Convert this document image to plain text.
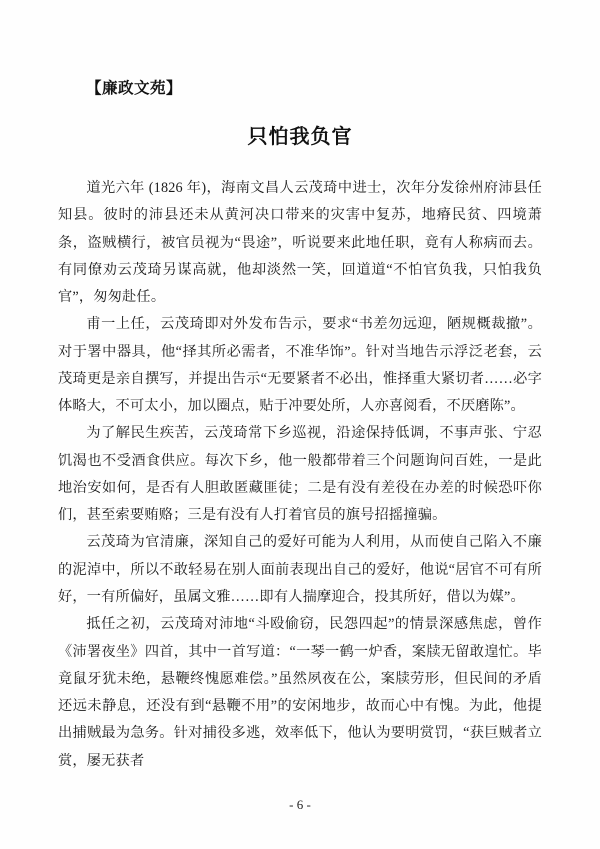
【廉政文苑】
只怕我负官

道光六年 (1826 年)，海南文昌人云茂琦中进士，次年分发徐州府沛县任知县。彼时的沛县还未从黄河决口带来的灾害中复苏，地瘠民贫、四境萧条，盗贼横行，被官员视为“畏途”，听说要来此地任职，竟有人称病而去。有同僚劝云茂琦另谋高就，他却淡然一笑，回道道“不怕官负我，只怕我负官”，匆匆赴任。

甫一上任，云茂琦即对外发布告示，要求“书差勿远迎，陋规概裁撤”。对于署中器具，他“择其所必需者，不准华饰”。针对当地告示浮泛老套，云茂琦更是亲自撰写，并提出告示“无要紧者不必出，惟择重大紧切者……必字体略大，不可太小，加以圈点，贴于冲要处所，人亦喜阅看，不厌磨陈”。

为了解民生疾苦，云茂琦常下乡巡视，沿途保持低调，不事声张、宁忍饥渴也不受酒食供应。每次下乡，他一般都带着三个问题询问百姓，一是此地治安如何，是否有人胆敢匿藏匪徒；二是有没有差役在办差的时候恐吓你们，甚至索要贿赂；三是有没有人打着官员的旗号招摇撞骗。

云茂琦为官清廉，深知自己的爱好可能为人利用，从而使自己陷入不廉的泥淖中，所以不敢轻易在别人面前表现出自己的爱好，他说“居官不可有所好，一有所偏好，虽属文雅……即有人揣摩迎合，投其所好，借以为媒”。

抵任之初，云茂琦对沛地“斗殴偷窃，民怨四起”的情景深感焦虑，曾作《沛署夜坐》四首，其中一首写道：“一琴一鹤一炉香，案牍无留敢遑忙。毕竟鼠牙犹未绝，悬鞭终愧愿难偿。”虽然夙夜在公，案牍劳形，但民间的矛盾还远未静息，还没有到“悬鞭不用”的安闲地步，故而心中有愧。为此，他提出捕贼最为急务。针对捕役多逃，效率低下，他认为要明赏罚，“获巨贼者立赏，屡无获者

- 6 -
